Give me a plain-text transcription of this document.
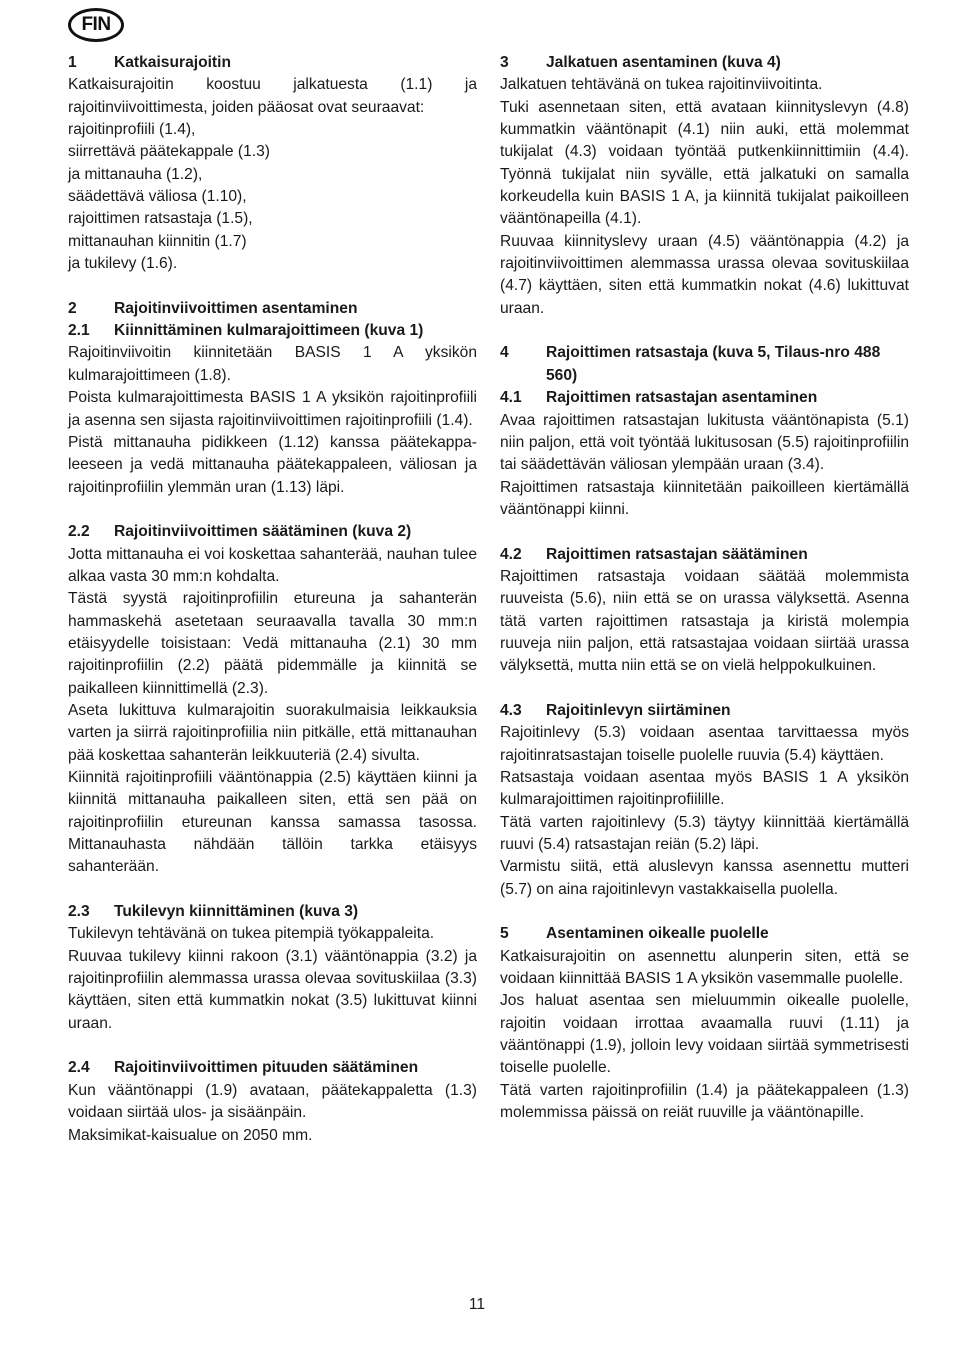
FIN
1	Katkaisurajoitin

Katkaisurajoitin koostuu jalkatuesta (1.1) ja rajoitinviivoittimesta, joiden pääosat ovat seuraavat:

rajoitinprofiili (1.4),

siirrettävä päätekappale (1.3)

ja mittanauha (1.2),

säädettävä väliosa (1.10),

rajoittimen ratsastaja (1.5),

mittanauhan kiinnitin (1.7)

ja tukilevy (1.6).

2	Rajoitinviivoittimen asentaminen
2.1	Kiinnittäminen kulmarajoittimeen (kuva 1)

Rajoitinviivoitin kiinnitetään BASIS 1 A yksikön kulmarajoittimeen (1.8).

Poista kulmarajoittimesta BASIS 1 A yksikön rajoitinprofiili ja asenna sen sijasta rajoitinviivoittimen rajoitinprofiili (1.4).

Pistä mittanauha pidikkeen (1.12) kanssa päätekappa-leeseen ja vedä mittanauha päätekappaleen, väliosan ja rajoitinprofiilin ylemmän uran (1.13) läpi.

2.2	Rajoitinviivoittimen säätäminen (kuva 2)

Jotta mittanauha ei voi koskettaa sahanterää, nauhan tulee alkaa vasta 30 mm:n kohdalta.

Tästä syystä rajoitinprofiilin etureuna ja sahanterän hammaskehä asetetaan seuraavalla tavalla 30 mm:n etäisyydelle toisistaan: Vedä mittanauha (2.1) 30 mm rajoitinprofiilin (2.2) päätä pidemmälle ja kiinnitä se paikalleen kiinnittimellä (2.3).

Aseta lukittuva kulmarajoitin suorakulmaisia leikkauksia varten ja siirrä rajoitinprofiilia niin pitkälle, että mittanauhan pää koskettaa sahanterän leikkuuteriä (2.4) sivulta.

Kiinnitä rajoitinprofiili vääntönappia (2.5) käyttäen kiinni ja kiinnitä mittanauha paikalleen siten, että sen pää on rajoitinprofiilin etureunan kanssa samassa tasossa. Mittanauhasta nähdään tällöin tarkka etäisyys sahanterään.

2.3	Tukilevyn kiinnittäminen (kuva 3)

Tukilevyn tehtävänä on tukea pitempiä työkappaleita.

Ruuvaa tukilevy kiinni rakoon (3.1) vääntönappia (3.2) ja rajoitinprofiilin alemmassa urassa olevaa sovituskiilaa (3.3) käyttäen, siten että kummatkin nokat (3.5) lukittuvat kiinni uraan.

2.4	Rajoitinviivoittimen pituuden säätäminen

Kun vääntönappi (1.9) avataan, päätekappaletta (1.3) voidaan siirtää ulos- ja sisäänpäin.

Maksimikat-kaisualue on 2050 mm.

3	Jalkatuen asentaminen (kuva 4)

Jalkatuen tehtävänä on tukea rajoitinviivoitinta.

Tuki asennetaan siten, että avataan kiinnityslevyn (4.8) kummatkin vääntönapit (4.1) niin auki, että molemmat tukijalat (4.3) voidaan työntää putkenkiinnittimiin (4.4). Työnnä tukijalat niin syvälle, että jalkatuki on samalla korkeudella kuin BASIS 1 A, ja kiinnitä tukijalat paikoilleen vääntönapeilla (4.1).

Ruuvaa kiinnityslevy uraan (4.5) vääntönappia (4.2) ja rajoitinviivoittimen alemmassa urassa olevaa sovituskiilaa (4.7) käyttäen, siten että kummatkin nokat (4.6) lukittuvat uraan.

4	Rajoittimen ratsastaja (kuva 5, Tilaus-nro 488 560)
4.1	Rajoittimen ratsastajan asentaminen

Avaa rajoittimen ratsastajan lukitusta vääntönapista (5.1) niin paljon, että voit työntää lukitusosan (5.5) rajoitinprofiilin tai säädettävän väliosan ylempään uraan (3.4).

Rajoittimen ratsastaja kiinnitetään paikoilleen kiertämällä vääntönappi kiinni.

4.2	Rajoittimen ratsastajan säätäminen

Rajoittimen ratsastaja voidaan säätää molemmista ruuveista (5.6), niin että se on urassa välyksettä. Asenna tätä varten rajoittimen ratsastaja ja kiristä molempia ruuveja niin paljon, että ratsastajaa voidaan siirtää urassa välyksettä, mutta niin että se on vielä helppokulkuinen.

4.3	Rajoitinlevyn siirtäminen

Rajoitinlevy (5.3) voidaan asentaa tarvittaessa myös rajoitinratsastajan toiselle puolelle ruuvia (5.4) käyttäen.

Ratsastaja voidaan asentaa myös BASIS 1 A yksikön kulmarajoittimen rajoitinprofiilille.

Tätä varten rajoitinlevy (5.3) täytyy kiinnittää kiertämällä ruuvi (5.4) ratsastajan reiän (5.2) läpi.

Varmistu siitä, että aluslevyn kanssa asennettu mutteri (5.7) on aina rajoitinlevyn vastakkaisella puolella.

5	Asentaminen oikealle puolelle

Katkaisurajoitin on asennettu alunperin siten, että se voidaan kiinnittää BASIS 1 A yksikön vasemmalle puolelle.

Jos haluat asentaa sen mieluummin oikealle puolelle, rajoitin voidaan irrottaa avaamalla ruuvi (1.11) ja vääntönappi (1.9), jolloin levy voidaan siirtää symmetrisesti toiselle puolelle.

Tätä varten rajoitinprofiilin (1.4) ja päätekappaleen (1.3) molemmissa päissä on reiät ruuville ja vääntönapille.

11
